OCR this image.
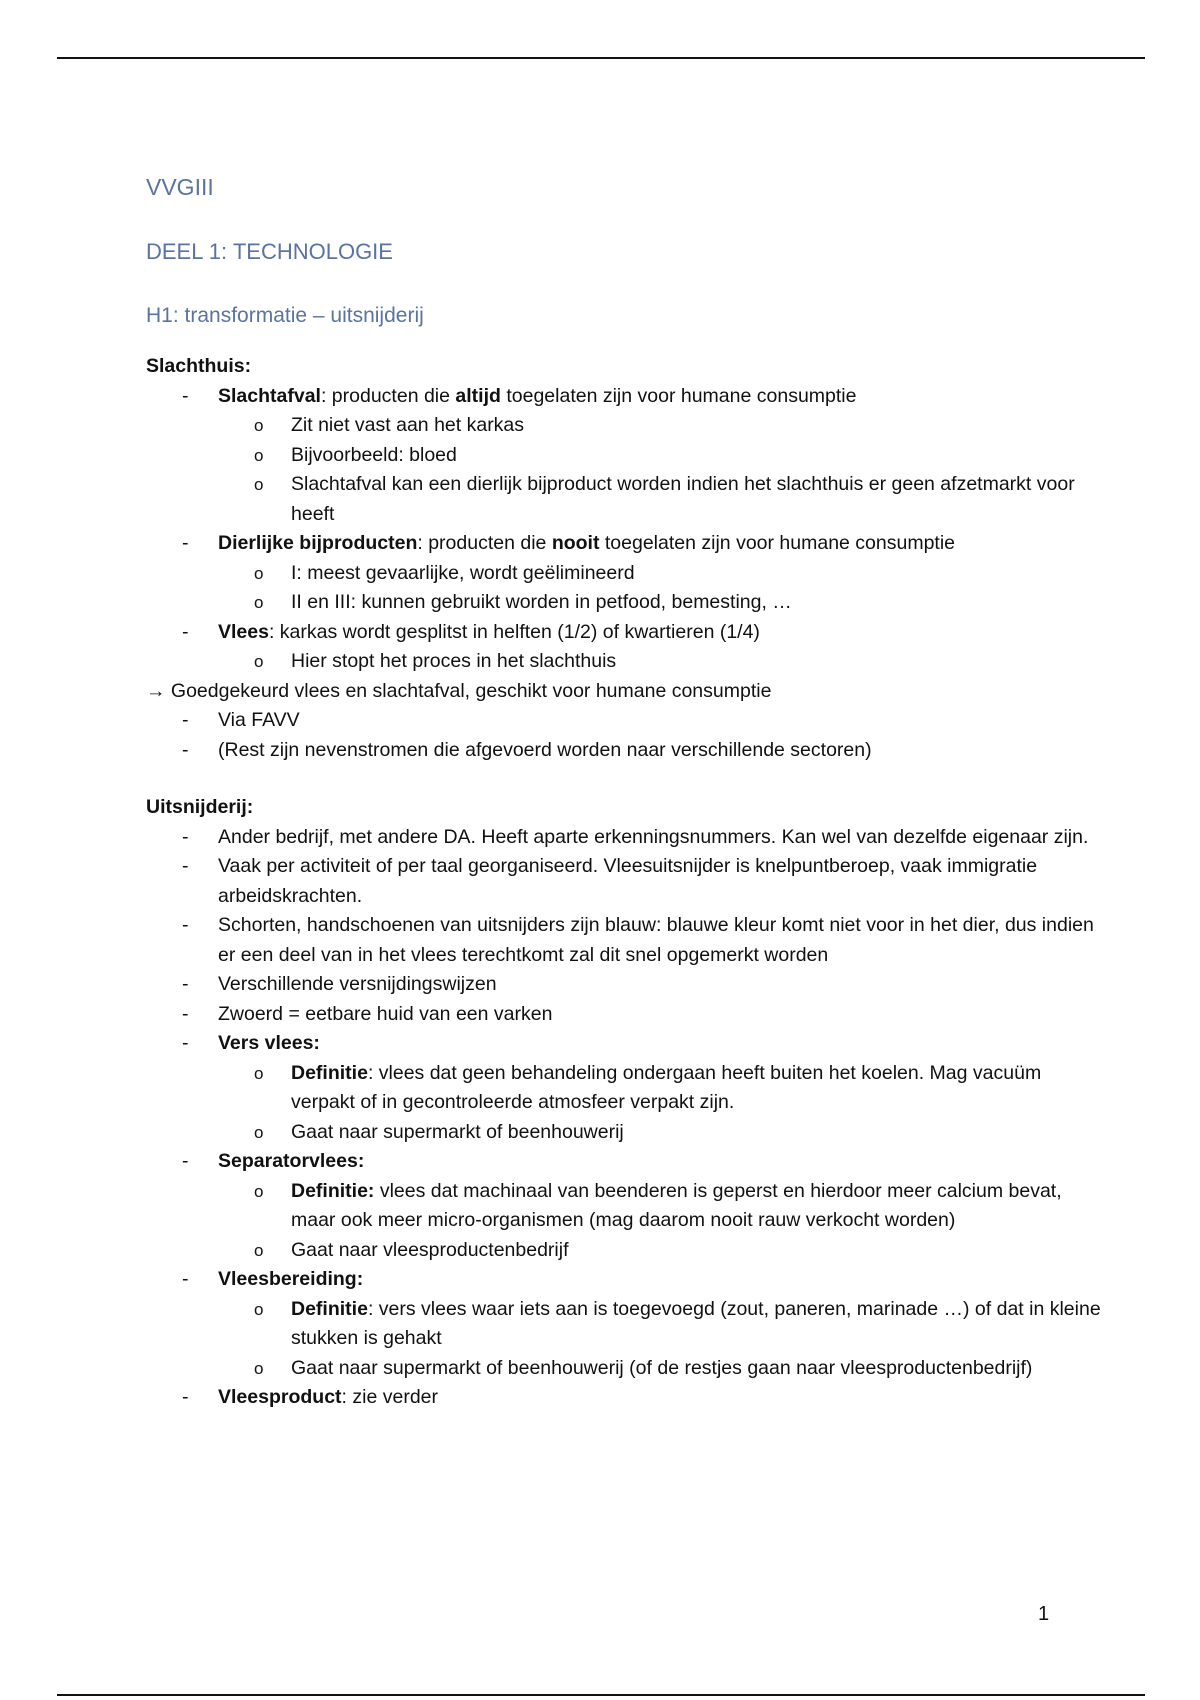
VVGIII
DEEL 1: TECHNOLOGIE
H1: transformatie – uitsnijderij

Slachthuis:

- Slachtafval: producten die altijd toegelaten zijn voor humane consumptie
o Zit niet vast aan het karkas
o Bijvoorbeeld: bloed
o Slachtafval kan een dierlijk bijproduct worden indien het slachthuis er geen afzetmarkt voor heeft
- Dierlijke bijproducten: producten die nooit toegelaten zijn voor humane consumptie
o I: meest gevaarlijke, wordt geëlimineerd
o II en III: kunnen gebruikt worden in petfood, bemesting, …
- Vlees: karkas wordt gesplitst in helften (1/2) of kwartieren (1/4)
o Hier stopt het proces in het slachthuis
→ Goedgekeurd vlees en slachtafval, geschikt voor humane consumptie
- Via FAVV
- (Rest zijn nevenstromen die afgevoerd worden naar verschillende sectoren)

Uitsnijderij:

- Ander bedrijf, met andere DA. Heeft aparte erkenningsnummers. Kan wel van dezelfde eigenaar zijn.
- Vaak per activiteit of per taal georganiseerd. Vleesuitsnijder is knelpuntberoep, vaak immigratie arbeidskrachten.
- Schorten, handschoenen van uitsnijders zijn blauw: blauwe kleur komt niet voor in het dier, dus indien er een deel van in het vlees terechtkomt zal dit snel opgemerkt worden
- Verschillende versnijdingswijzen
- Zwoerd = eetbare huid van een varken
- Vers vlees:
o Definitie: vlees dat geen behandeling ondergaan heeft buiten het koelen. Mag vacuüm verpakt of in gecontroleerde atmosfeer verpakt zijn.
o Gaat naar supermarkt of beenhouwerij
- Separatorvlees:
o Definitie: vlees dat machinaal van beenderen is geperst en hierdoor meer calcium bevat, maar ook meer micro-organismen (mag daarom nooit rauw verkocht worden)
o Gaat naar vleesproductenbedrijf
- Vleesbereiding:
o Definitie: vers vlees waar iets aan is toegevoegd (zout, paneren, marinade …) of dat in kleine stukken is gehakt
o Gaat naar supermarkt of beenhouwerij (of de restjes gaan naar vleesproductenbedrijf)
- Vleesproduct: zie verder
1
